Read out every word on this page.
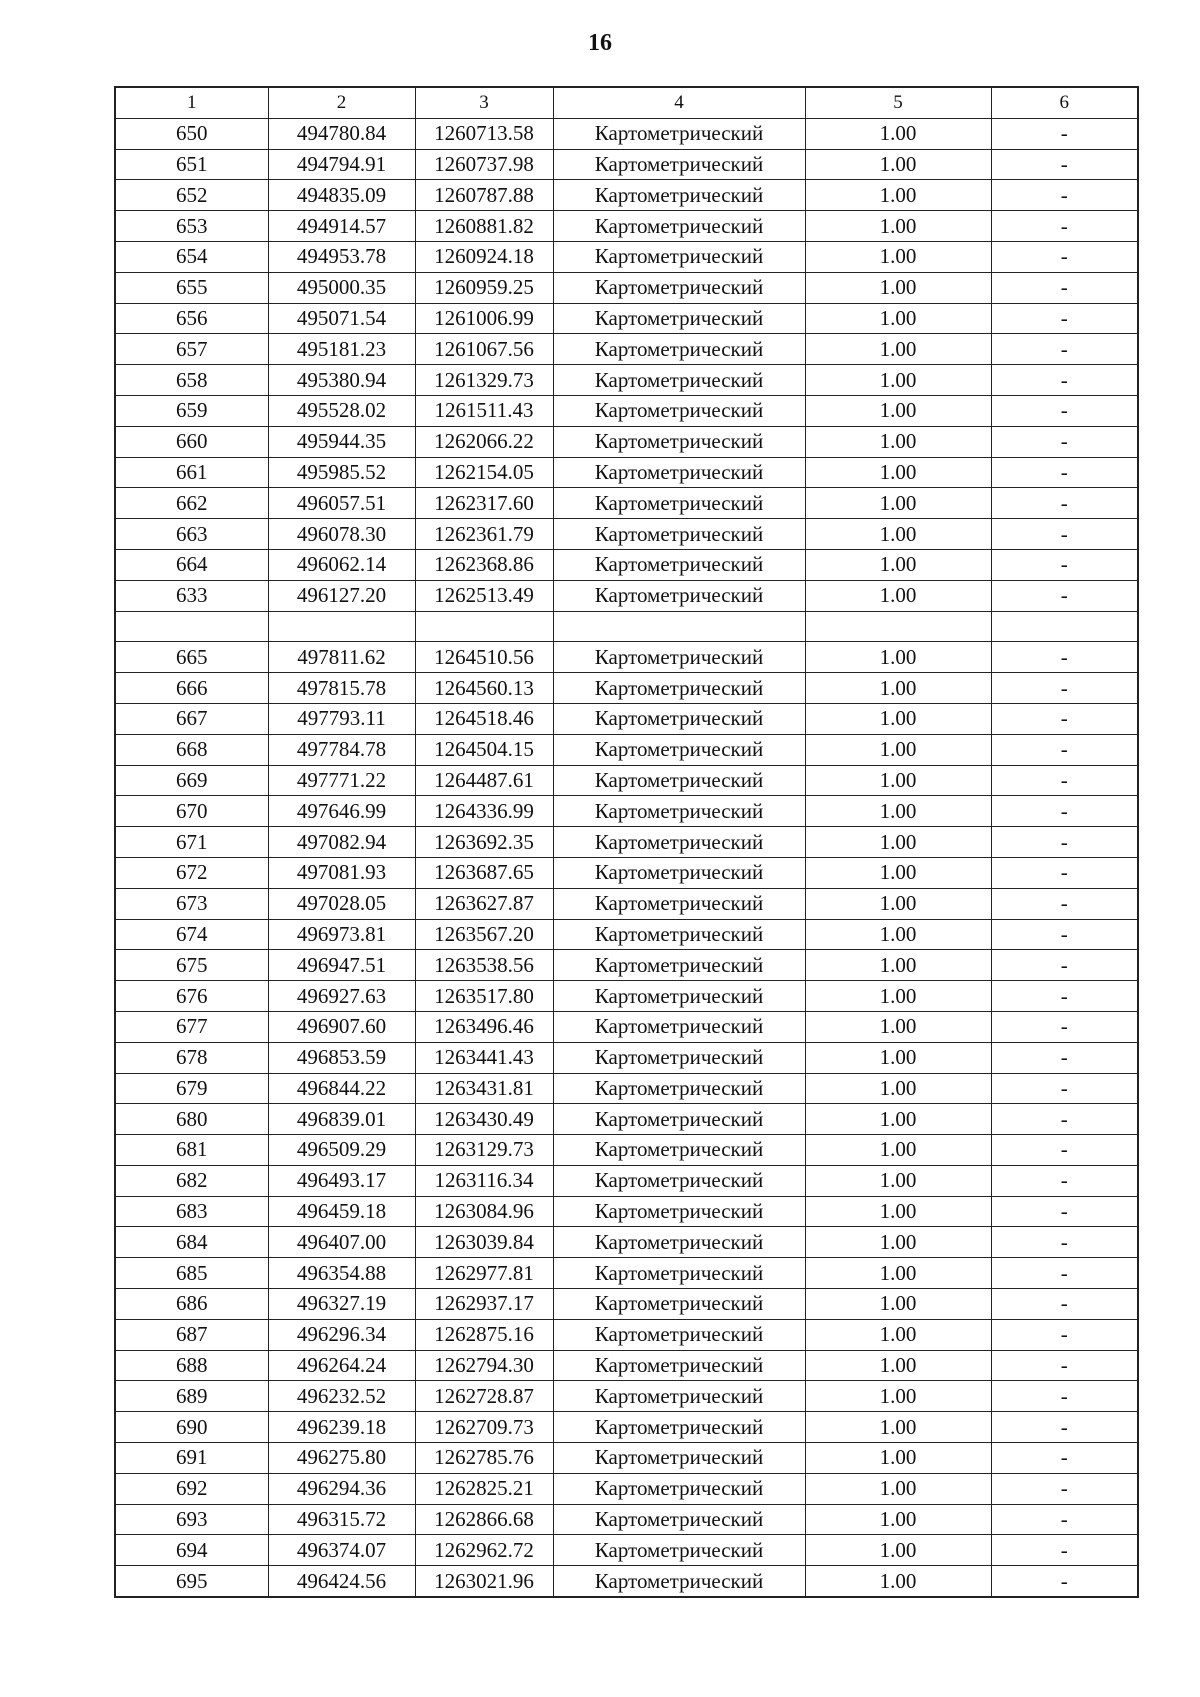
16
1	2	3	4	5	6
650	494780.84	1260713.58	Картометрический	1.00	-
651	494794.91	1260737.98	Картометрический	1.00	-
652	494835.09	1260787.88	Картометрический	1.00	-
653	494914.57	1260881.82	Картометрический	1.00	-
654	494953.78	1260924.18	Картометрический	1.00	-
655	495000.35	1260959.25	Картометрический	1.00	-
656	495071.54	1261006.99	Картометрический	1.00	-
657	495181.23	1261067.56	Картометрический	1.00	-
658	495380.94	1261329.73	Картометрический	1.00	-
659	495528.02	1261511.43	Картометрический	1.00	-
660	495944.35	1262066.22	Картометрический	1.00	-
661	495985.52	1262154.05	Картометрический	1.00	-
662	496057.51	1262317.60	Картометрический	1.00	-
663	496078.30	1262361.79	Картометрический	1.00	-
664	496062.14	1262368.86	Картометрический	1.00	-
633	496127.20	1262513.49	Картометрический	1.00	-

665	497811.62	1264510.56	Картометрический	1.00	-
666	497815.78	1264560.13	Картометрический	1.00	-
667	497793.11	1264518.46	Картометрический	1.00	-
668	497784.78	1264504.15	Картометрический	1.00	-
669	497771.22	1264487.61	Картометрический	1.00	-
670	497646.99	1264336.99	Картометрический	1.00	-
671	497082.94	1263692.35	Картометрический	1.00	-
672	497081.93	1263687.65	Картометрический	1.00	-
673	497028.05	1263627.87	Картометрический	1.00	-
674	496973.81	1263567.20	Картометрический	1.00	-
675	496947.51	1263538.56	Картометрический	1.00	-
676	496927.63	1263517.80	Картометрический	1.00	-
677	496907.60	1263496.46	Картометрический	1.00	-
678	496853.59	1263441.43	Картометрический	1.00	-
679	496844.22	1263431.81	Картометрический	1.00	-
680	496839.01	1263430.49	Картометрический	1.00	-
681	496509.29	1263129.73	Картометрический	1.00	-
682	496493.17	1263116.34	Картометрический	1.00	-
683	496459.18	1263084.96	Картометрический	1.00	-
684	496407.00	1263039.84	Картометрический	1.00	-
685	496354.88	1262977.81	Картометрический	1.00	-
686	496327.19	1262937.17	Картометрический	1.00	-
687	496296.34	1262875.16	Картометрический	1.00	-
688	496264.24	1262794.30	Картометрический	1.00	-
689	496232.52	1262728.87	Картометрический	1.00	-
690	496239.18	1262709.73	Картометрический	1.00	-
691	496275.80	1262785.76	Картометрический	1.00	-
692	496294.36	1262825.21	Картометрический	1.00	-
693	496315.72	1262866.68	Картометрический	1.00	-
694	496374.07	1262962.72	Картометрический	1.00	-
695	496424.56	1263021.96	Картометрический	1.00	-
